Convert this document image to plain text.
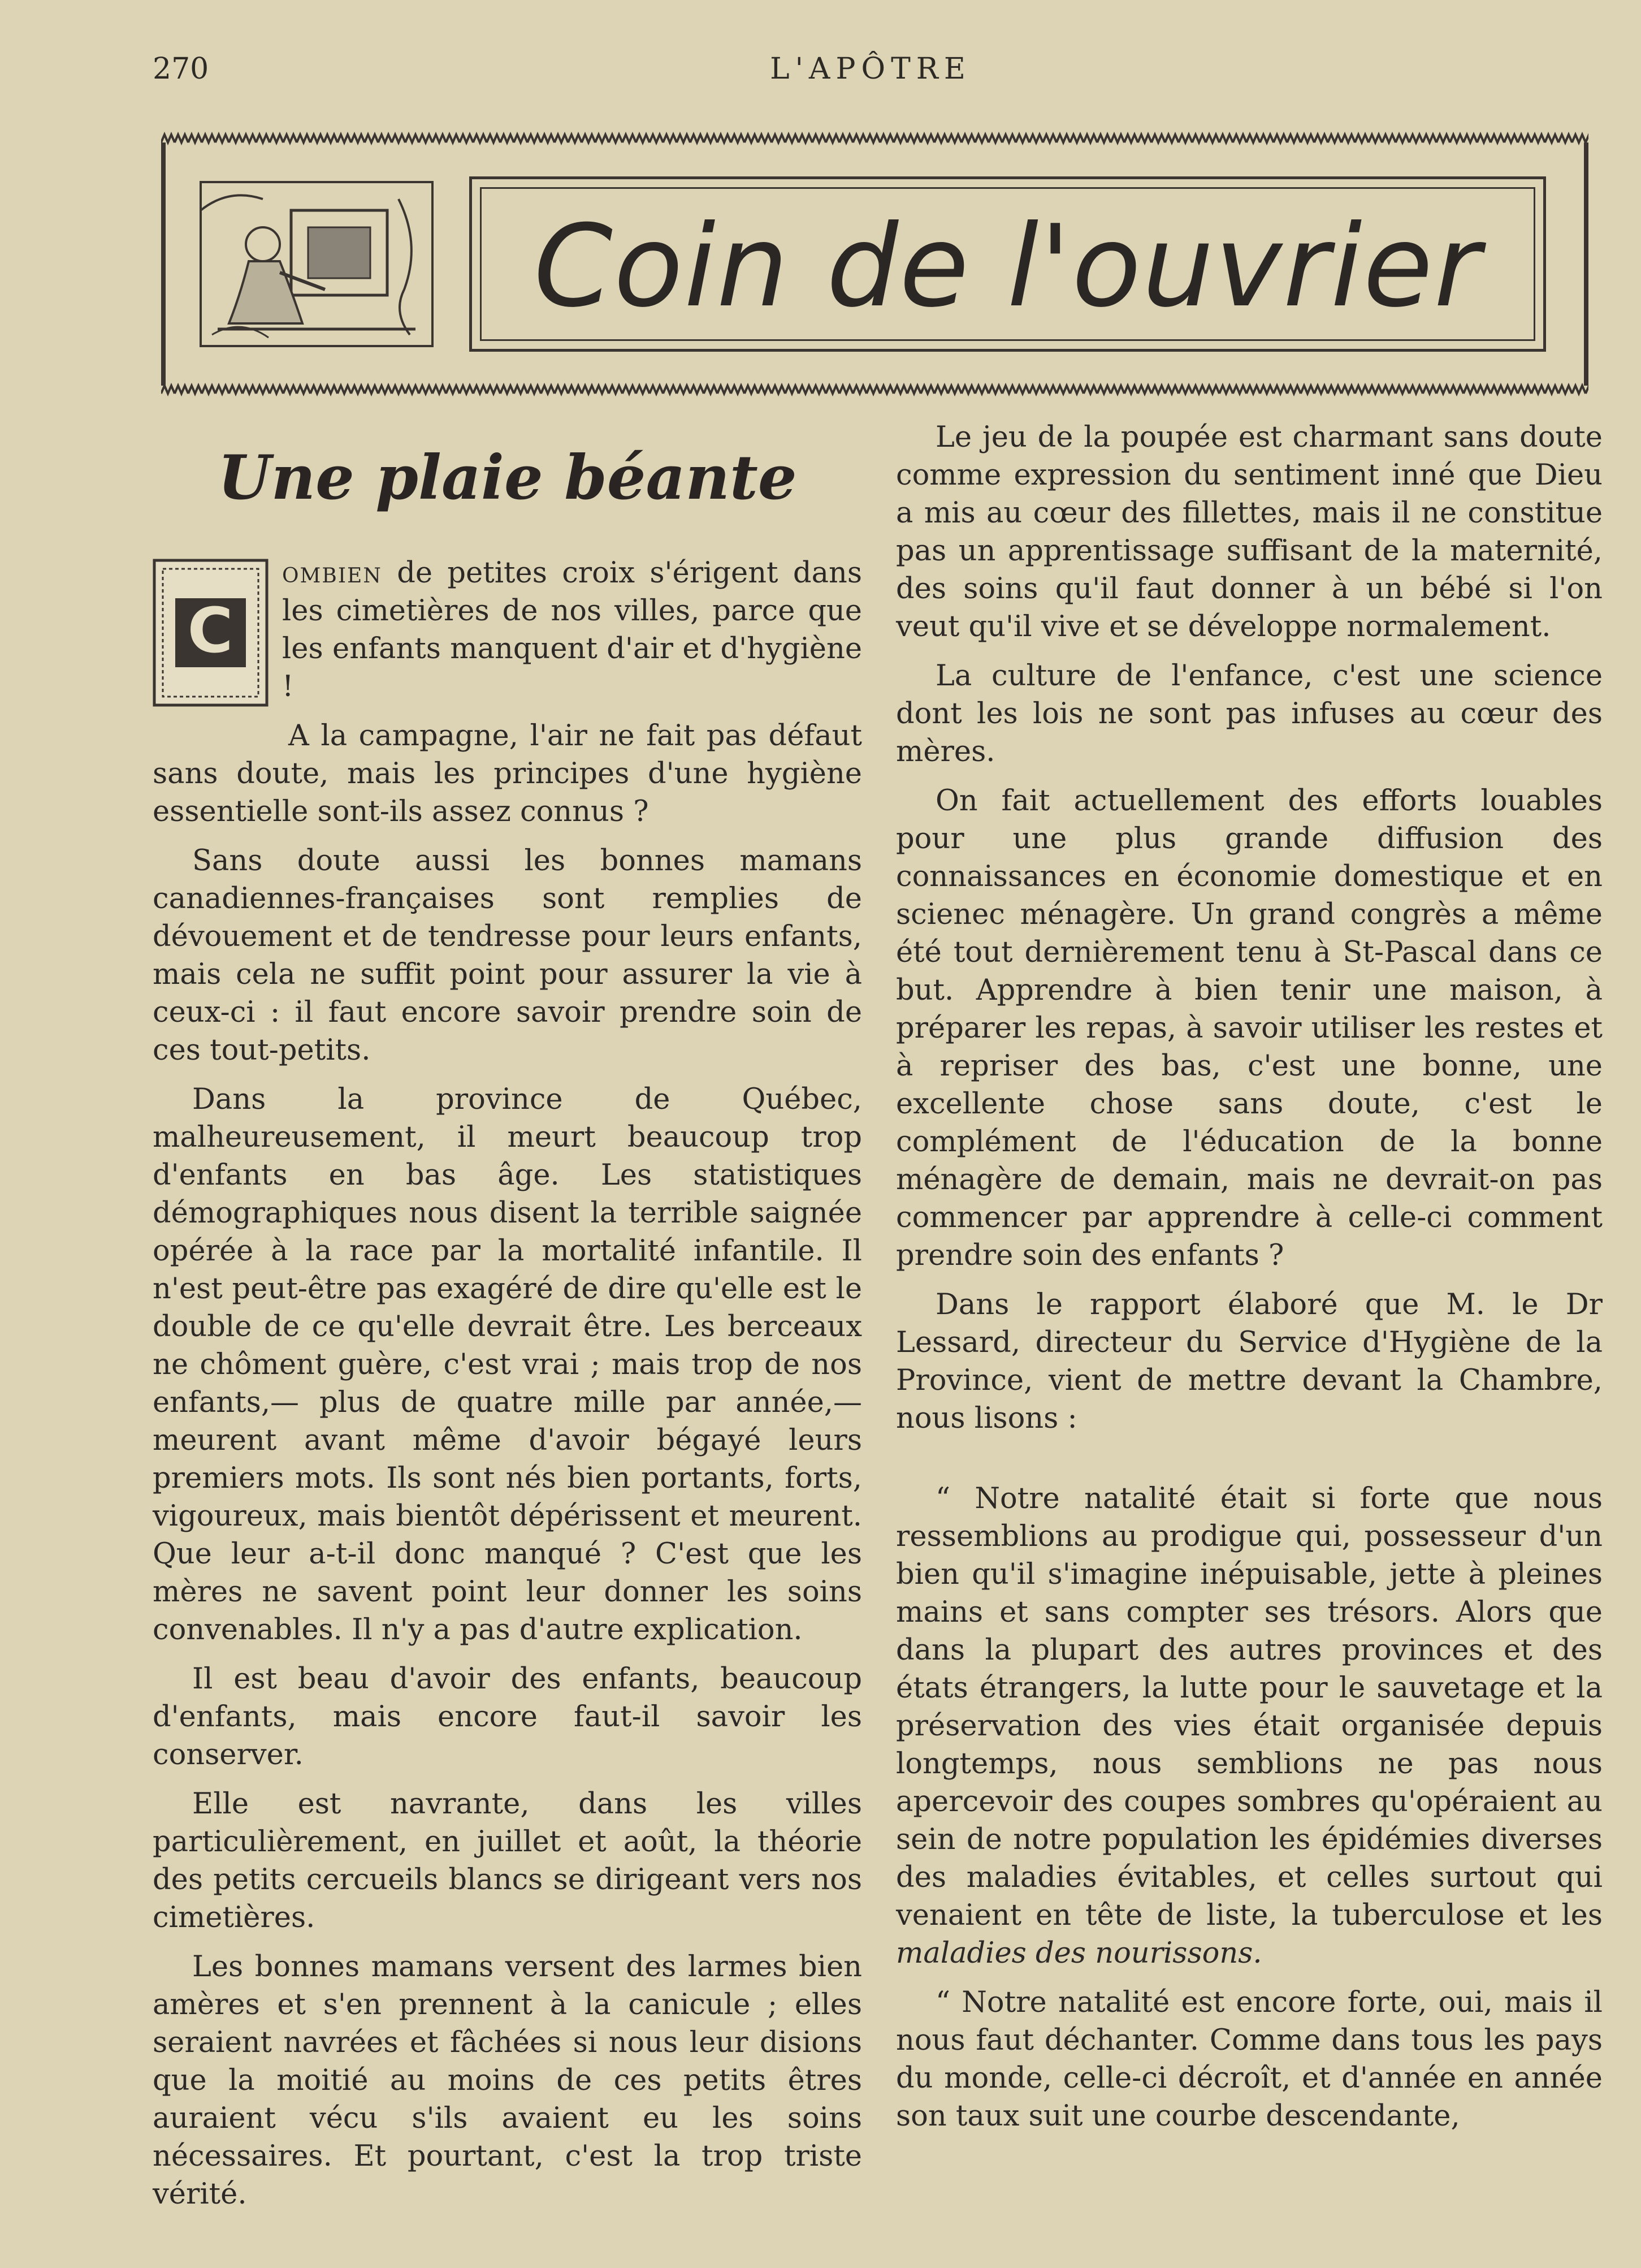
270	L'APÔTRE
Coin de l'ouvrier
Une plaie béante
C

ombien de petites croix s'érigent dans les cimetières de nos villes, parce que les enfants manquent d'air et d'hygiène !

A la campagne, l'air ne fait pas défaut sans doute, mais les principes d'une hygiène essentielle sont-ils assez connus ?

Sans doute aussi les bonnes mamans canadiennes-françaises sont remplies de dévouement et de tendresse pour leurs enfants, mais cela ne suffit point pour assurer la vie à ceux-ci : il faut encore savoir prendre soin de ces tout-petits.

Dans la province de Québec, malheureusement, il meurt beaucoup trop d'enfants en bas âge. Les statistiques démographiques nous disent la terrible saignée opérée à la race par la mortalité infantile. Il n'est peut-être pas exagéré de dire qu'elle est le double de ce qu'elle devrait être. Les berceaux ne chôment guère, c'est vrai ; mais trop de nos enfants,— plus de quatre mille par année,— meurent avant même d'avoir bégayé leurs premiers mots. Ils sont nés bien portants, forts, vigoureux, mais bientôt dépérissent et meurent. Que leur a-t-il donc manqué ? C'est que les mères ne savent point leur donner les soins convenables. Il n'y a pas d'autre explication.

Il est beau d'avoir des enfants, beaucoup d'enfants, mais encore faut-il savoir les conserver.

Elle est navrante, dans les villes particulièrement, en juillet et août, la théorie des petits cercueils blancs se dirigeant vers nos cimetières.

Les bonnes mamans versent des larmes bien amères et s'en prennent à la canicule ; elles seraient navrées et fâchées si nous leur disions que la moitié au moins de ces petits êtres auraient vécu s'ils avaient eu les soins nécessaires. Et pourtant, c'est la trop triste vérité.

Le jeu de la poupée est charmant sans doute comme expression du sentiment inné que Dieu a mis au cœur des fillettes, mais il ne constitue pas un apprentissage suffisant de la maternité, des soins qu'il faut donner à un bébé si l'on veut qu'il vive et se développe normalement.

La culture de l'enfance, c'est une science dont les lois ne sont pas infuses au cœur des mères.

On fait actuellement des efforts louables pour une plus grande diffusion des connaissances en économie domestique et en scienec ménagère. Un grand congrès a même été tout dernièrement tenu à St-Pascal dans ce but. Apprendre à bien tenir une maison, à préparer les repas, à savoir utiliser les restes et à repriser des bas, c'est une bonne, une excellente chose sans doute, c'est le complément de l'éducation de la bonne ménagère de demain, mais ne devrait-on pas commencer par apprendre à celle-ci comment prendre soin des enfants ?

Dans le rapport élaboré que M. le Dr Lessard, directeur du Service d'Hygiène de la Province, vient de mettre devant la Chambre, nous lisons :

“ Notre natalité était si forte que nous ressemblions au prodigue qui, possesseur d'un bien qu'il s'imagine inépuisable, jette à pleines mains et sans compter ses trésors. Alors que dans la plupart des autres provinces et des états étrangers, la lutte pour le sauvetage et la préservation des vies était organisée depuis longtemps, nous semblions ne pas nous apercevoir des coupes sombres qu'opéraient au sein de notre population les épidémies diverses des maladies évitables, et celles surtout qui venaient en tête de liste, la tuberculose et les maladies des nourissons.

“ Notre natalité est encore forte, oui, mais il nous faut déchanter. Comme dans tous les pays du monde, celle-ci décroît, et d'année en année son taux suit une courbe descendante,
